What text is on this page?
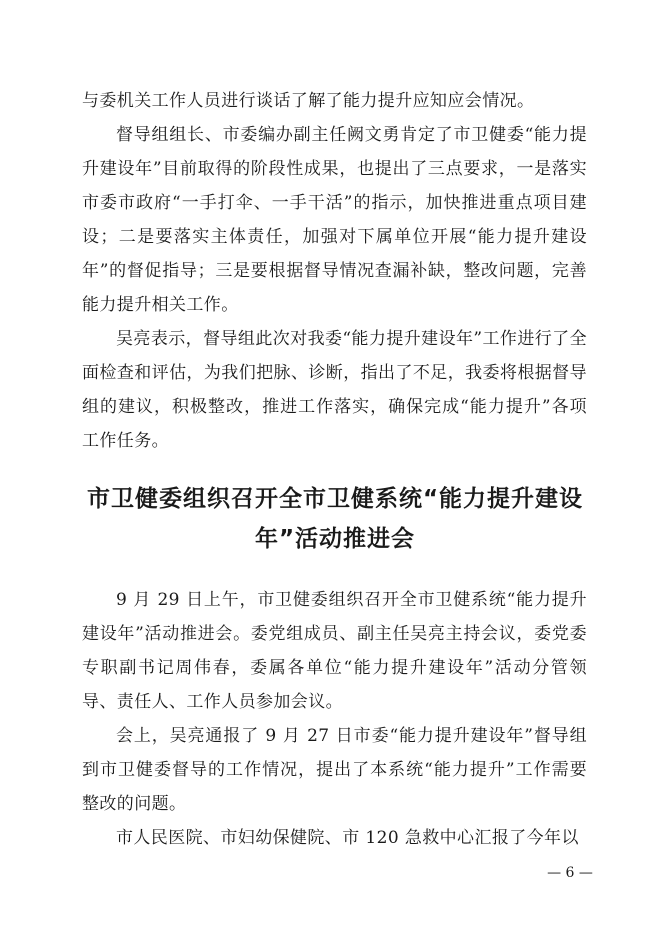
与委机关工作人员进行谈话了解了能力提升应知应会情况。

督导组组长、市委编办副主任阙文勇肯定了市卫健委“能力提升建设年”目前取得的阶段性成果，也提出了三点要求，一是落实市委市政府“一手打伞、一手干活”的指示，加快推进重点项目建设；二是要落实主体责任，加强对下属单位开展“能力提升建设年”的督促指导；三是要根据督导情况查漏补缺，整改问题，完善能力提升相关工作。

吴亮表示，督导组此次对我委“能力提升建设年”工作进行了全面检查和评估，为我们把脉、诊断，指出了不足，我委将根据督导组的建议，积极整改，推进工作落实，确保完成“能力提升”各项工作任务。

市卫健委组织召开全市卫健系统“能力提升建设年”活动推进会

9 月 29 日上午，市卫健委组织召开全市卫健系统“能力提升建设年”活动推进会。委党组成员、副主任吴亮主持会议，委党委专职副书记周伟春，委属各单位“能力提升建设年”活动分管领导、责任人、工作人员参加会议。

会上，吴亮通报了 9 月 27 日市委“能力提升建设年”督导组到市卫健委督导的工作情况，提出了本系统“能力提升”工作需要整改的问题。

市人民医院、市妇幼保健院、市 120 急救中心汇报了今年以

— 6 —
